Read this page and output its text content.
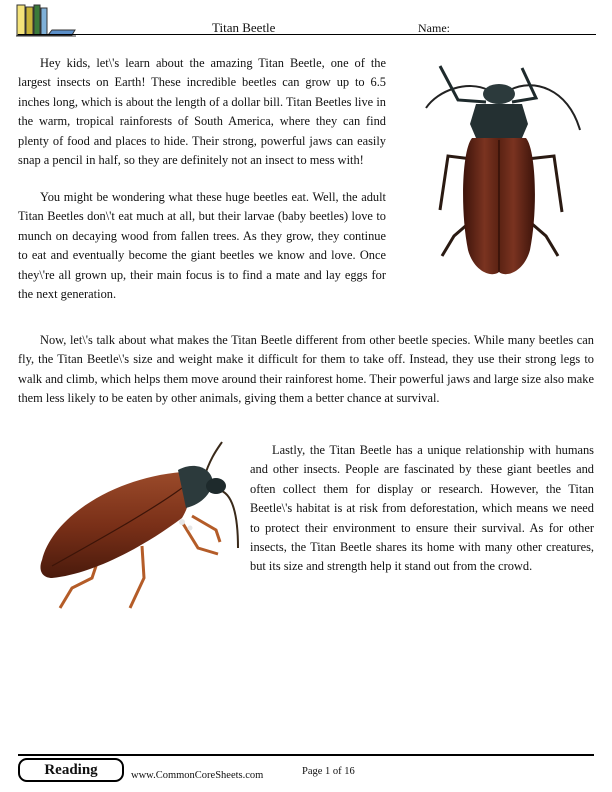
Titan Beetle	Name:

Hey kids, let\'s learn about the amazing Titan Beetle, one of the largest insects on Earth! These incredible beetles can grow up to 6.5 inches long, which is about the length of a dollar bill. Titan Beetles live in the warm, tropical rainforests of South America, where they can find plenty of food and places to hide. Their strong, powerful jaws can easily snap a pencil in half, so they are definitely not an insect to mess with!

You might be wondering what these huge beetles eat. Well, the adult Titan Beetles don\'t eat much at all, but their larvae (baby beetles) love to munch on decaying wood from fallen trees. As they grow, they continue to eat and eventually become the giant beetles we know and love. Once they\'re all grown up, their main focus is to find a mate and lay eggs for the next generation.

Now, let\'s talk about what makes the Titan Beetle different from other beetle species. While many beetles can fly, the Titan Beetle\'s size and weight make it difficult for them to take off. Instead, they use their strong legs to walk and climb, which helps them move around their rainforest home. Their powerful jaws and large size also make them less likely to be eaten by other animals, giving them a better chance at survival.

Lastly, the Titan Beetle has a unique relationship with humans and other insects. People are fascinated by these giant beetles and often collect them for display or research. However, the Titan Beetle\'s habitat is at risk from deforestation, which means we need to protect their environment to ensure their survival. As for other insects, the Titan Beetle shares its home with many other creatures, but its size and strength help it stand out from the crowd.

Reading	www.CommonCoreSheets.com	Page 1 of 16
